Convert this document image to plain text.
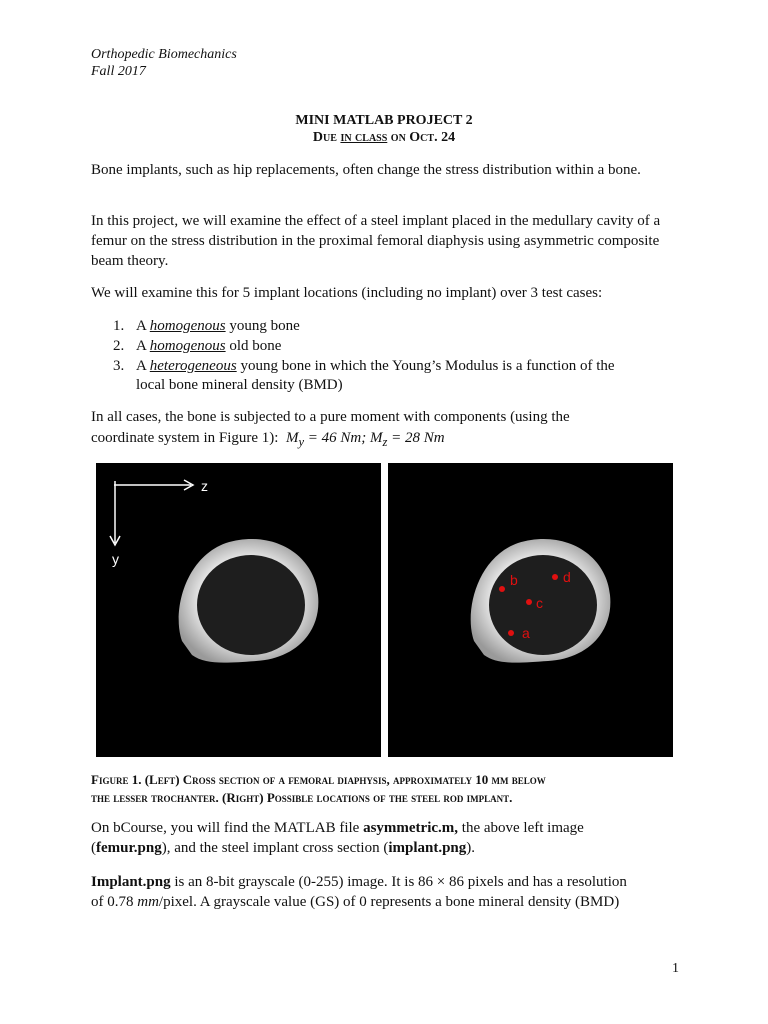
Orthopedic Biomechanics
Fall 2017
MINI MATLAB PROJECT 2
Due in class on Oct. 24
Bone implants, such as hip replacements, often change the stress distribution within a bone.
In this project, we will examine the effect of a steel implant placed in the medullary cavity of a femur on the stress distribution in the proximal femoral diaphysis using asymmetric composite beam theory.
We will examine this for 5 implant locations (including no implant) over 3 test cases:
1. A homogenous young bone
2. A homogenous old bone
3. A heterogeneous young bone in which the Young’s Modulus is a function of the
local bone mineral density (BMD)
In all cases, the bone is subjected to a pure moment with components (using the
coordinate system in Figure 1): $M_y = 46$ Nm; $M_z = 28$ Nm
z
y
a
b
c
d
Figure 1. (Left) Cross section of a femoral diaphysis, approximately 10 mm below
the lesser trochanter. (Right) Possible locations of the steel rod implant.
On bCourse, you will find the MATLAB file asymmetric.m, the above left image
(femur.png), and the steel implant cross section (implant.png).
Implant.png is an 8-bit grayscale (0-255) image. It is 86 × 86 pixels and has a resolution
of 0.78 mm/pixel. A grayscale value (GS) of 0 represents a bone mineral density (BMD)
1
